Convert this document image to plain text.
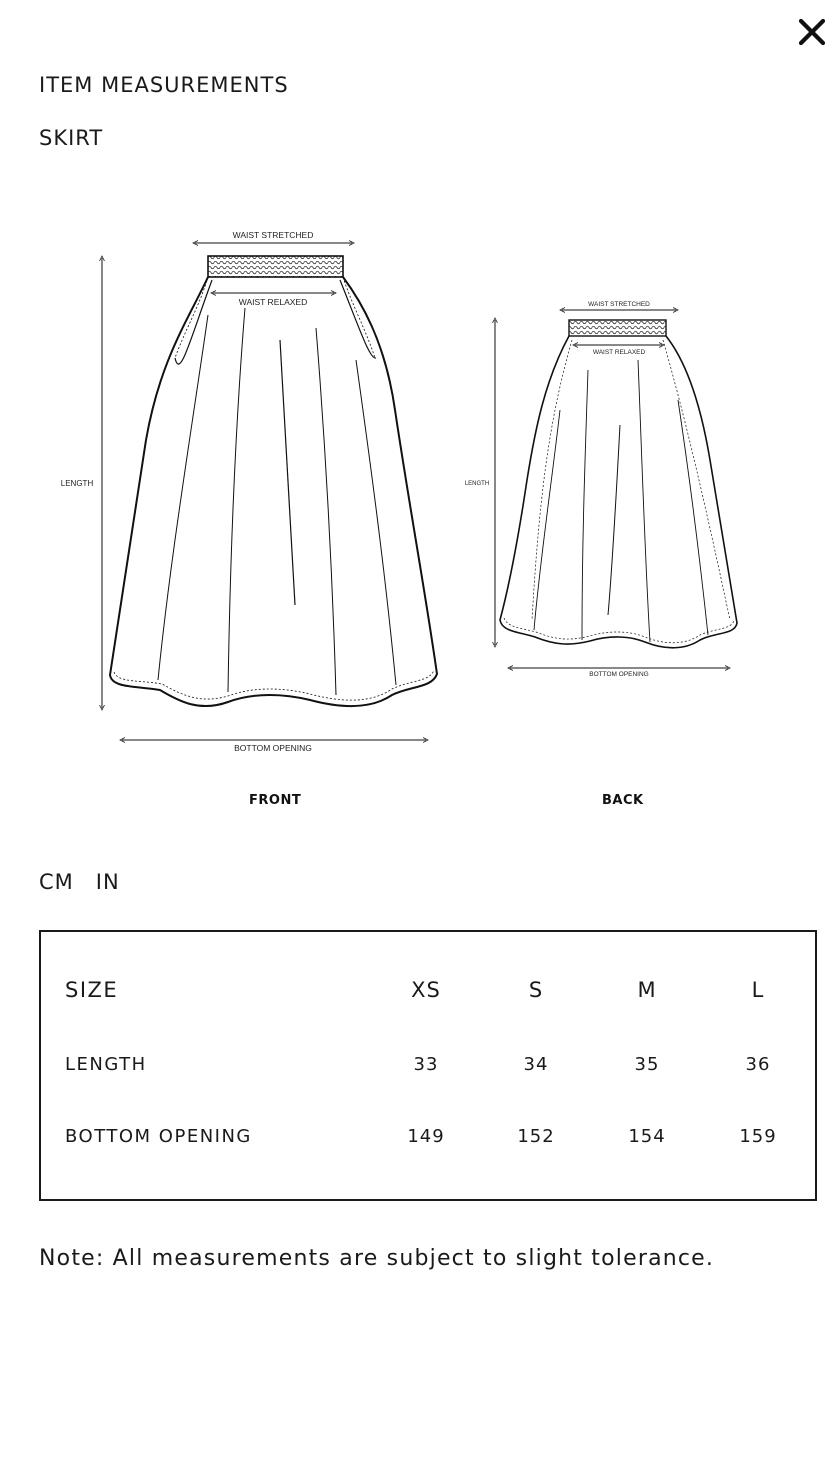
ITEM MEASUREMENTS
SKIRT
WAIST STRETCHED
WAIST RELAXED
LENGTH
BOTTOM OPENING
WAIST STRETCHED
WAIST RELAXED
LENGTH
BOTTOM OPENING
FRONT	BACK
CM IN
SIZE	XS	S	M	L
LENGTH	33	34	35	36
BOTTOM OPENING	149	152	154	159
Note: All measurements are subject to slight tolerance.
